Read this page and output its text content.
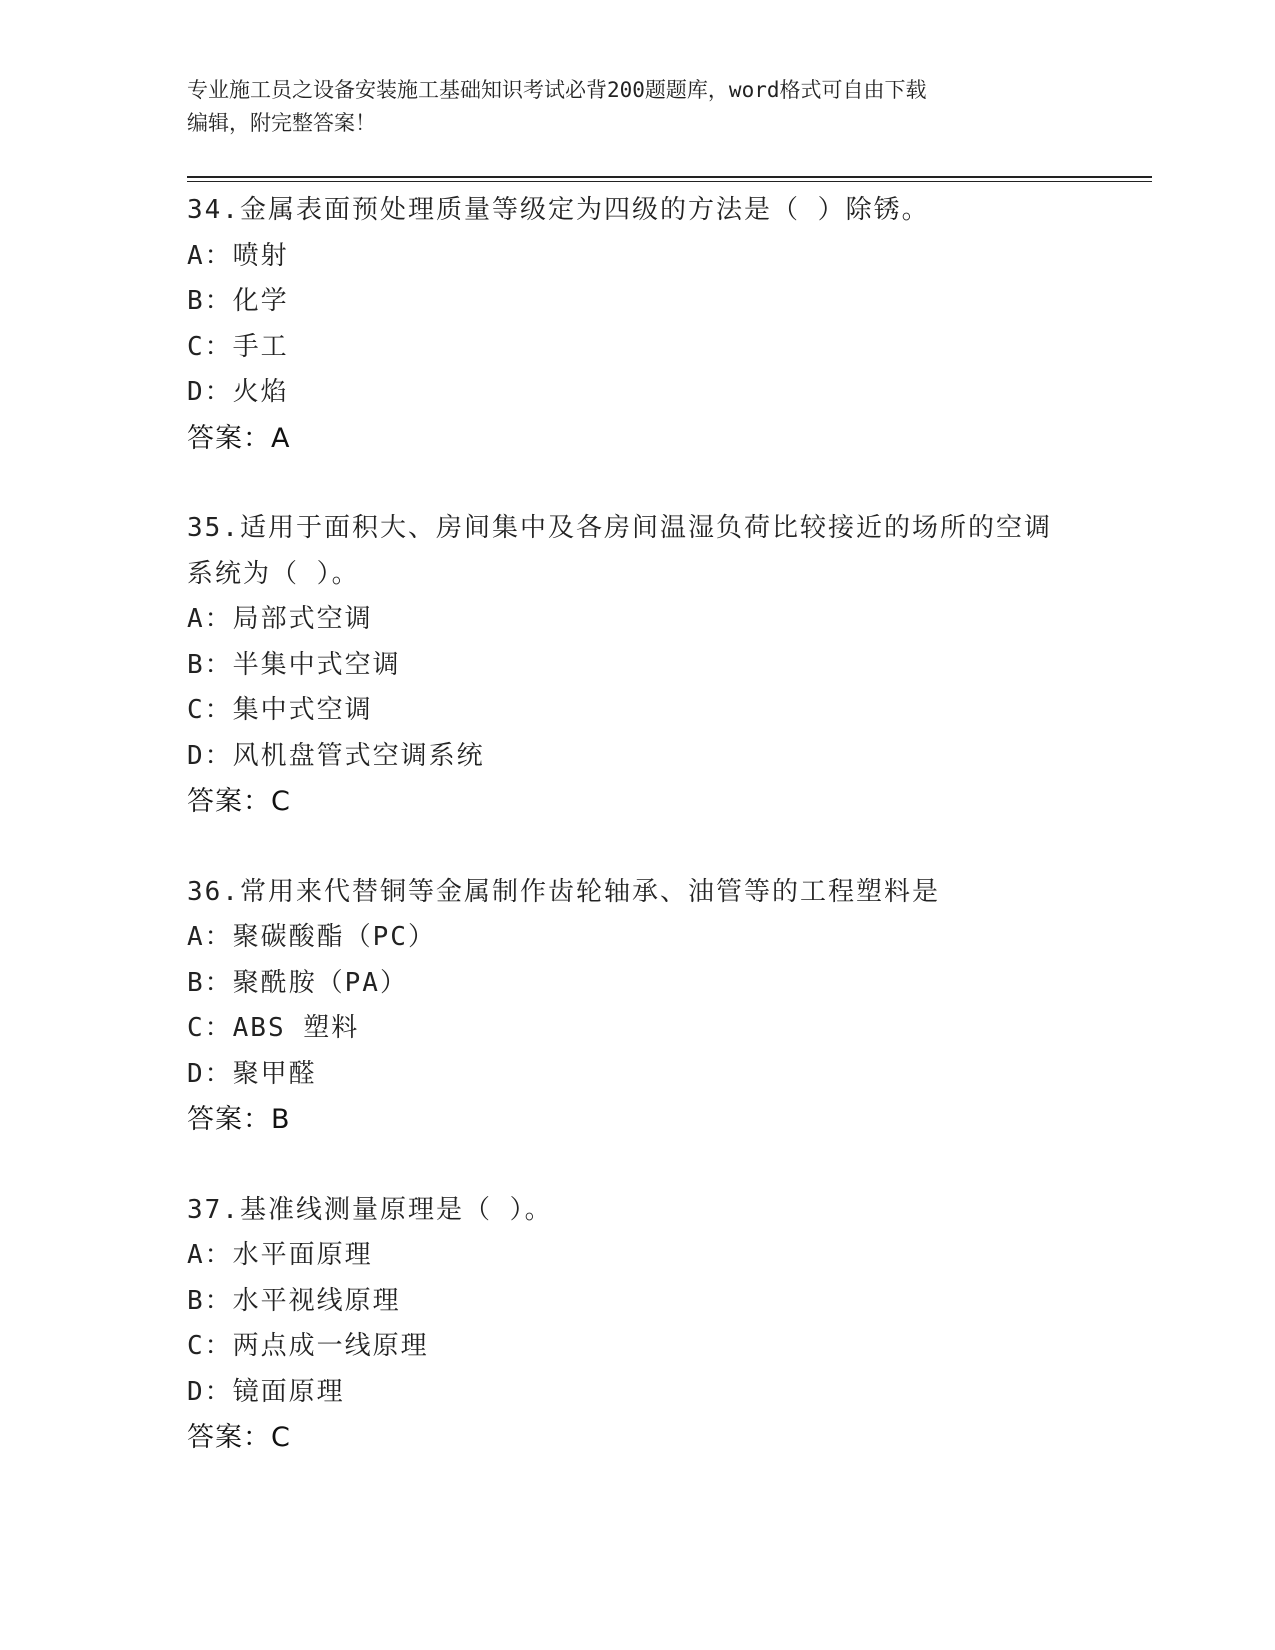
专业施工员之设备安装施工基础知识考试必背200题题库，word格式可自由下载
编辑，附完整答案！
34.金属表面预处理质量等级定为四级的方法是（ ）除锈。
A：喷射
B：化学
C：手工
D：火焰
答案：A
35.适用于面积大、房间集中及各房间温湿负荷比较接近的场所的空调
系统为（ ）。
A：局部式空调
B：半集中式空调
C：集中式空调
D：风机盘管式空调系统
答案：C
36.常用来代替铜等金属制作齿轮轴承、油管等的工程塑料是
A：聚碳酸酯（PC）
B：聚酰胺（PA）
C：ABS 塑料
D：聚甲醛
答案：B
37.基准线测量原理是（ ）。
A：水平面原理
B：水平视线原理
C：两点成一线原理
D：镜面原理
答案：C
